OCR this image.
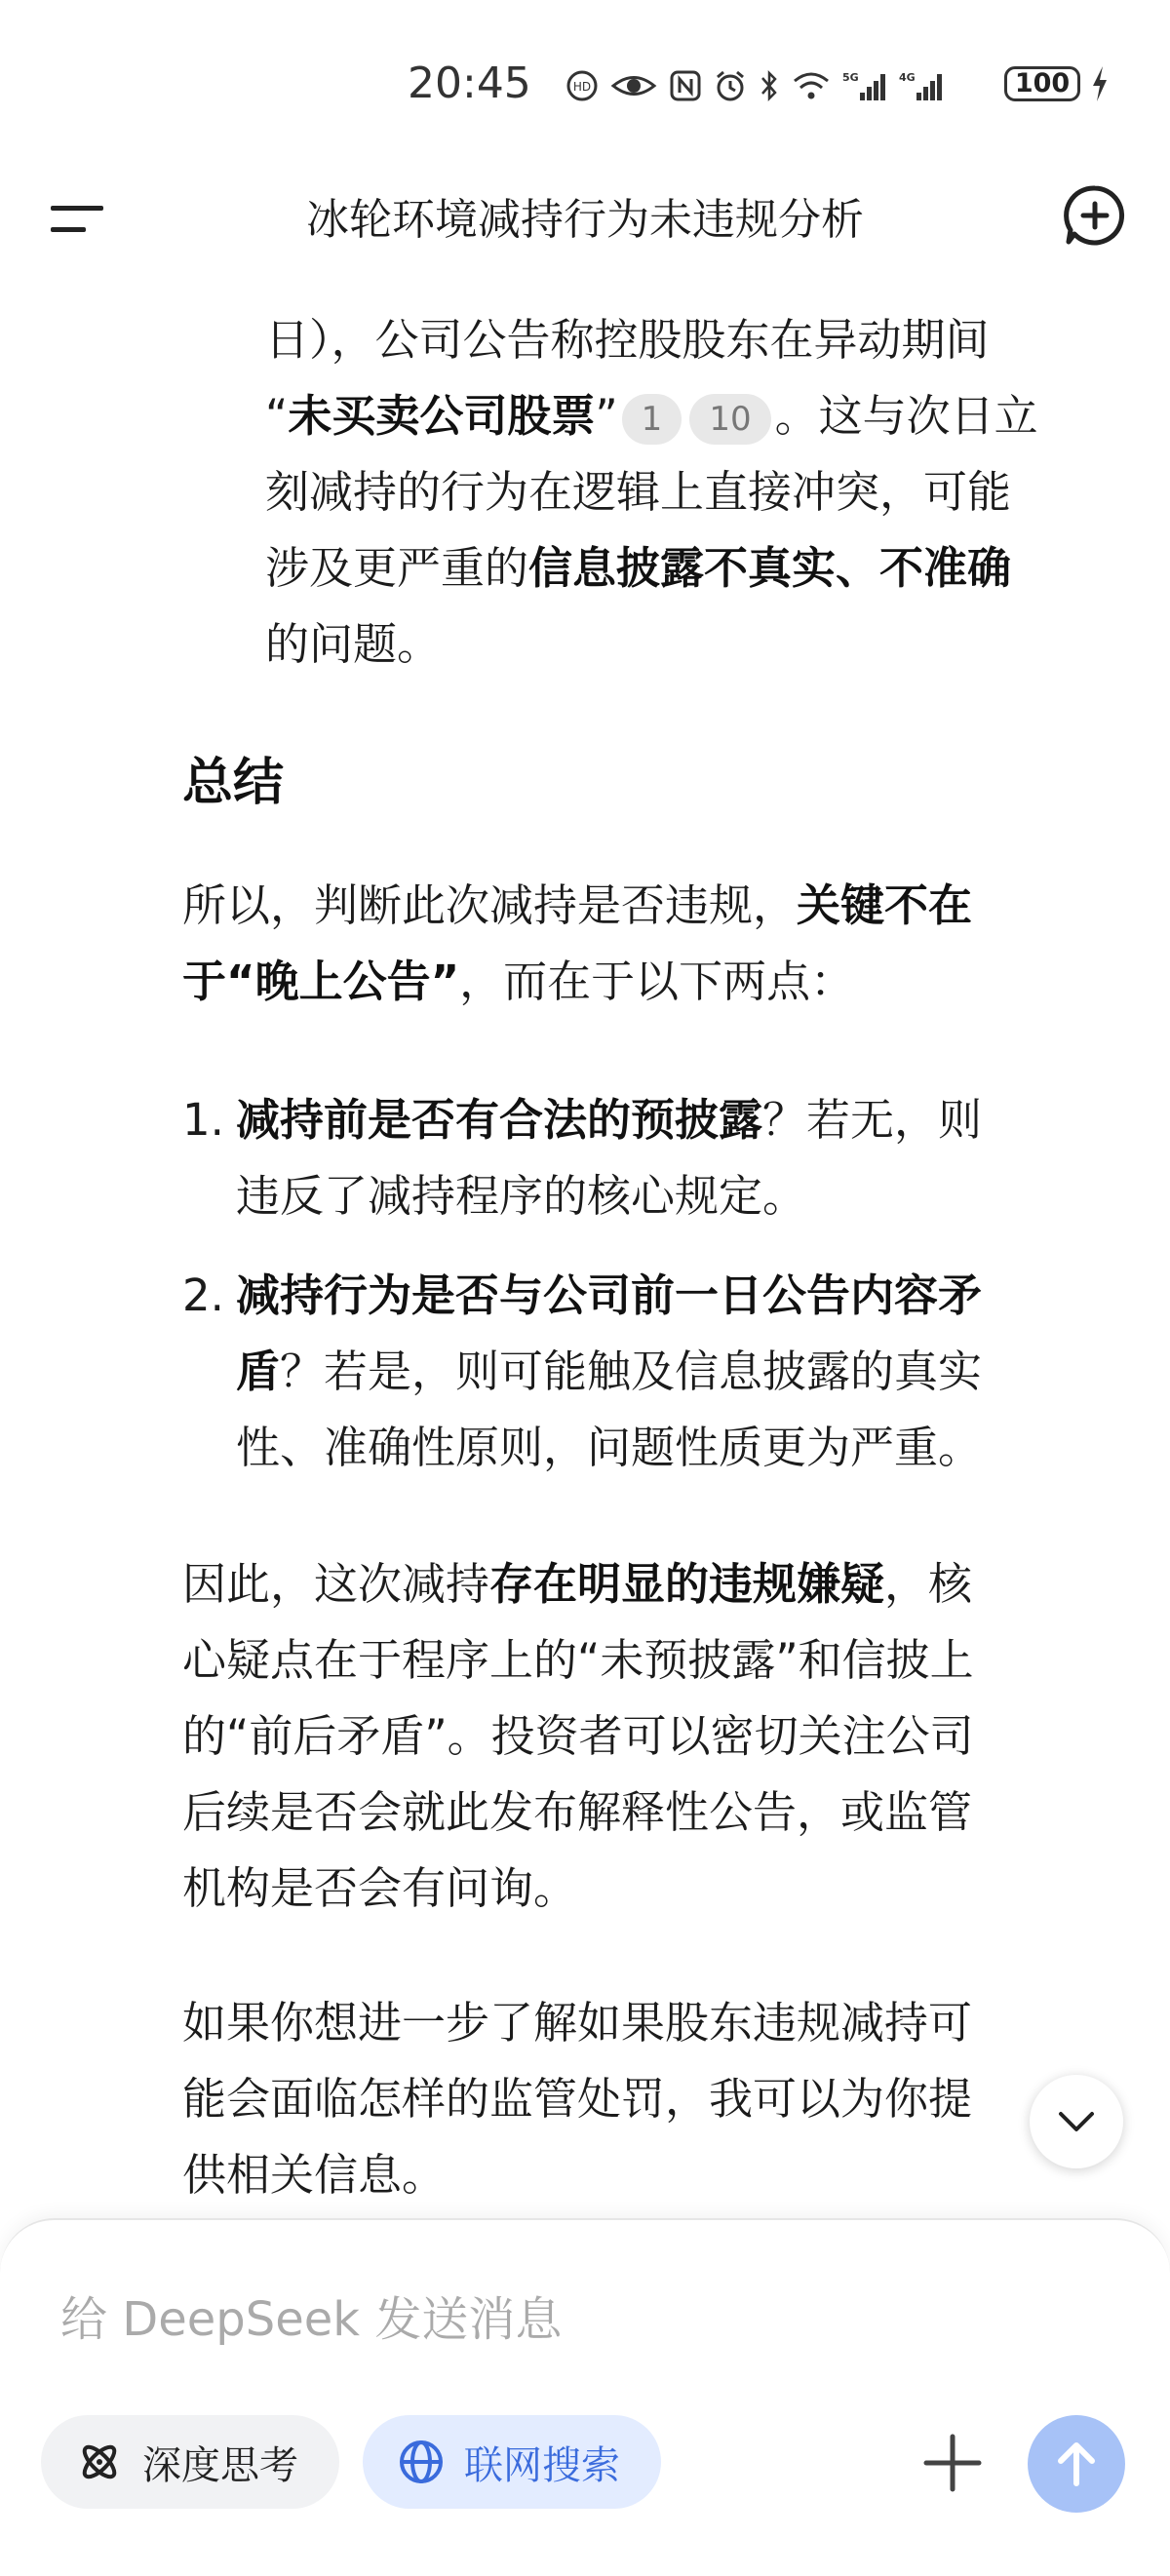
20:45	HD
5G	4G	100
冰轮环境减持行为未违规分析

日），公司公告称控股股东在异动期间

“未买卖公司股票” 1 10 。这与次日立

刻减持的行为在逻辑上直接冲突，可能

涉及更严重的信息披露不真实、不准确

的问题。

总结

所以，判断此次减持是否违规，关键不在

于“晚上公告”，而在于以下两点：

1. 减持前是否有合法的预披露？若无，则

违反了减持程序的核心规定。

2. 减持行为是否与公司前一日公告内容矛

盾？若是，则可能触及信息披露的真实

性、准确性原则，问题性质更为严重。

因此，这次减持存在明显的违规嫌疑，核

心疑点在于程序上的“未预披露”和信披上

的“前后矛盾”。投资者可以密切关注公司

后续是否会就此发布解释性公告，或监管

机构是否会有问询。

如果你想进一步了解如果股东违规减持可

能会面临怎样的监管处罚，我可以为你提

供相关信息。

给 DeepSeek 发送消息
深度思考	联网搜索
